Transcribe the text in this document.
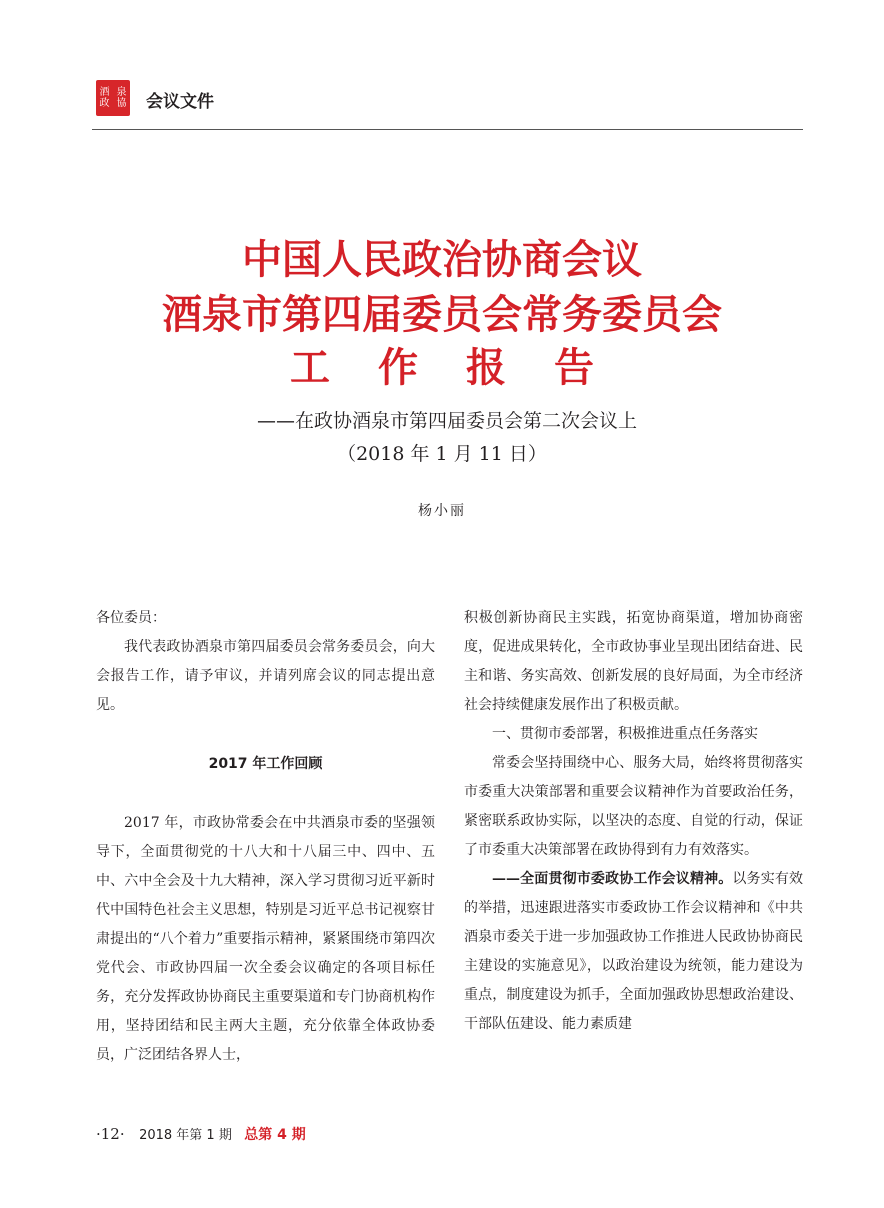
酒 泉
政 協 会议文件
中国人民政治协商会议
酒泉市第四届委员会常务委员会
工作报告
——在政协酒泉市第四届委员会第二次会议上
（2018 年 1 月 11 日）
杨小丽

各位委员：

我代表政协酒泉市第四届委员会常务委员会，向大会报告工作，请予审议，并请列席会议的同志提出意见。

2017 年工作回顾

2017 年，市政协常委会在中共酒泉市委的坚强领导下，全面贯彻党的十八大和十八届三中、四中、五中、六中全会及十九大精神，深入学习贯彻习近平新时代中国特色社会主义思想，特别是习近平总书记视察甘肃提出的“八个着力”重要指示精神，紧紧围绕市第四次党代会、市政协四届一次全委会议确定的各项目标任务，充分发挥政协协商民主重要渠道和专门协商机构作用，坚持团结和民主两大主题，充分依靠全体政协委员，广泛团结各界人士，

积极创新协商民主实践，拓宽协商渠道，增加协商密度，促进成果转化，全市政协事业呈现出团结奋进、民主和谐、务实高效、创新发展的良好局面，为全市经济社会持续健康发展作出了积极贡献。

一、贯彻市委部署，积极推进重点任务落实

常委会坚持围绕中心、服务大局，始终将贯彻落实市委重大决策部署和重要会议精神作为首要政治任务，紧密联系政协实际，以坚决的态度、自觉的行动，保证了市委重大决策部署在政协得到有力有效落实。

——全面贯彻市委政协工作会议精神。以务实有效的举措，迅速跟进落实市委政协工作会议精神和《中共酒泉市委关于进一步加强政协工作推进人民政协协商民主建设的实施意见》，以政治建设为统领，能力建设为重点，制度建设为抓手，全面加强政协思想政治建设、干部队伍建设、能力素质建

·12· 2018 年第 1 期 总第 4 期
